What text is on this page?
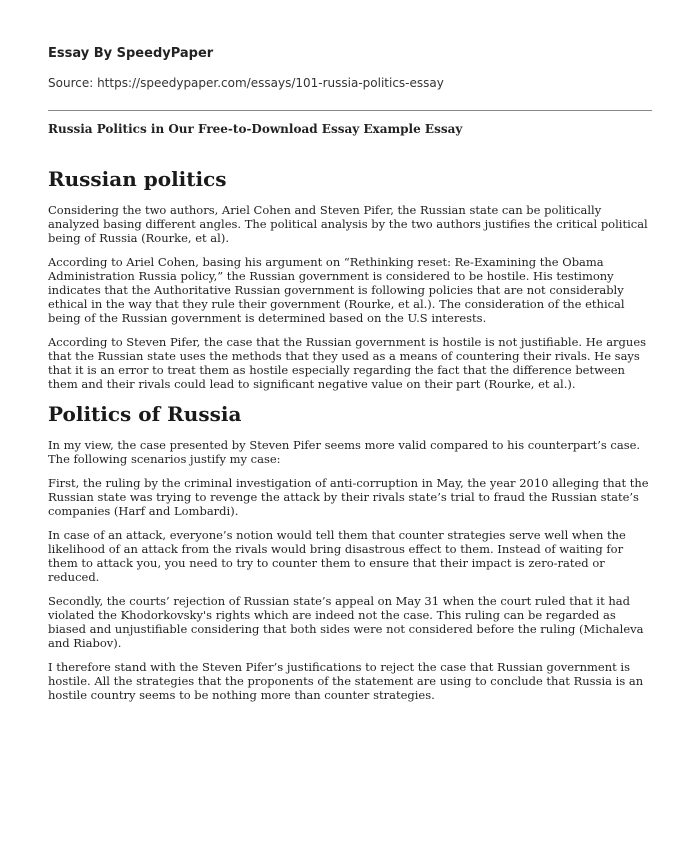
Essay By SpeedyPaper
Source: https://speedypaper.com/essays/101-russia-politics-essay
Russia Politics in Our Free-to-Download Essay Example Essay
Russian politics

Considering the two authors, Ariel Cohen and Steven Pifer, the Russian state can be politically analyzed basing different angles. The political analysis by the two authors justifies the critical political being of Russia (Rourke, et al).

According to Ariel Cohen, basing his argument on “Rethinking reset: Re-Examining the Obama Administration Russia policy,” the Russian government is considered to be hostile. His testimony indicates that the Authoritative Russian government is following policies that are not considerably ethical in the way that they rule their government (Rourke, et al.). The consideration of the ethical being of the Russian government is determined based on the U.S interests.

According to Steven Pifer, the case that the Russian government is hostile is not justifiable. He argues that the Russian state uses the methods that they used as a means of countering their rivals. He says that it is an error to treat them as hostile especially regarding the fact that the difference between them and their rivals could lead to significant negative value on their part (Rourke, et al.).

Politics of Russia

In my view, the case presented by Steven Pifer seems more valid compared to his counterpart’s case. The following scenarios justify my case:

First, the ruling by the criminal investigation of anti-corruption in May, the year 2010 alleging that the Russian state was trying to revenge the attack by their rivals state’s trial to fraud the Russian state’s companies (Harf and Lombardi).

In case of an attack, everyone’s notion would tell them that counter strategies serve well when the likelihood of an attack from the rivals would bring disastrous effect to them. Instead of waiting for them to attack you, you need to try to counter them to ensure that their impact is zero-rated or reduced.

Secondly, the courts’ rejection of Russian state’s appeal on May 31 when the court ruled that it had violated the Khodorkovsky's rights which are indeed not the case. This ruling can be regarded as biased and unjustifiable considering that both sides were not considered before the ruling (Michaleva and Riabov).

I therefore stand with the Steven Pifer’s justifications to reject the case that Russian government is hostile. All the strategies that the proponents of the statement are using to conclude that Russia is an hostile country seems to be nothing more than counter strategies.
